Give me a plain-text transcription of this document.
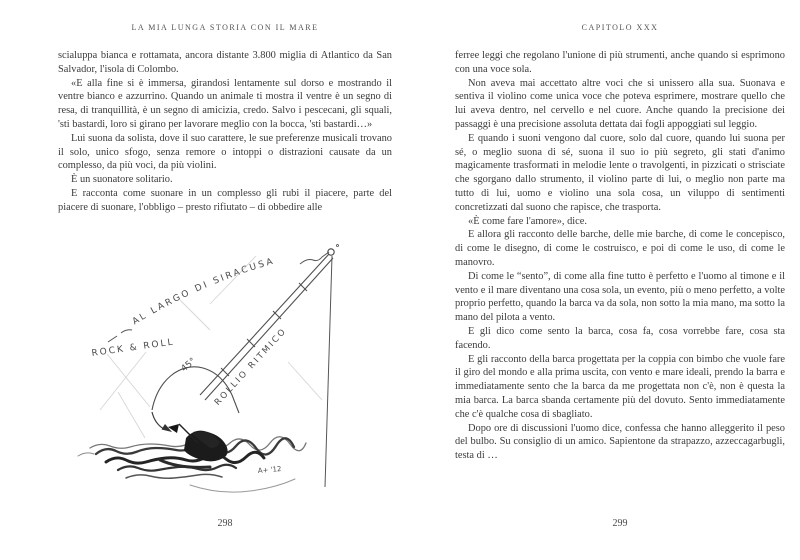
LA MIA LUNGA STORIA CON IL MARE

scialuppa bianca e rottamata, ancora distante 3.800 miglia di Atlantico da San Salvador, l'isola di Colombo.

«E alla fine si è immersa, girandosi lentamente sul dorso e mostrando il ventre bianco e azzurrino. Quando un animale ti mostra il ventre è un segno di resa, di tranquillità, è un segno di amicizia, credo. Salvo i pescecani, gli squali, 'sti bastardi, loro si girano per lavorare meglio con la bocca, 'sti bastardi…»

Lui suona da solista, dove il suo carattere, le sue preferenze musicali trovano il solo, unico sfogo, senza remore o intoppi o distrazioni causate da un complesso, da più voci, da più violini.

È un suonatore solitario.

E racconta come suonare in un complesso gli rubi il piacere, parte del piacere di suonare, l'obbligo – presto rifiutato – di obbedire alle

AL LARGO DI SIRACUSA
ROLLIO RITMICO
ROCK & ROLL
45°
A+ '12
298
CAPITOLO XXX

ferree leggi che regolano l'unione di più strumenti, anche quando si esprimono con una voce sola.

Non aveva mai accettato altre voci che si unissero alla sua. Suonava e sentiva il violino come unica voce che poteva esprimere, mostrare quello che lui aveva dentro, nel cervello e nel cuore. Anche quando la precisione dei passaggi è una precisione assoluta dettata dai fogli appoggiati sul leggio.

E quando i suoni vengono dal cuore, solo dal cuore, quando lui suona per sé, o meglio suona di sé, suona il suo io più segreto, gli stati d'animo magicamente trasformati in melodie lente o travolgenti, in pizzicati o strisciate che sgorgano dallo strumento, il violino parte di lui, o meglio non parte ma tutto di lui, uomo e violino una sola cosa, un viluppo di sentimenti concretizzati dal suono che rapisce, che trasporta.

«È come fare l'amore», dice.

E allora gli racconto delle barche, delle mie barche, di come le concepisco, di come le disegno, di come le costruisco, e poi di come le uso, di come le manovro.

Di come le “sento”, di come alla fine tutto è perfetto e l'uomo al timone e il vento e il mare diventano una cosa sola, un evento, più o meno perfetto, a volte proprio perfetto, quando la barca va da sola, non sotto la mia mano, ma sotto la mano del pilota a vento.

E gli dico come sento la barca, cosa fa, cosa vorrebbe fare, cosa sta facendo.

E gli racconto della barca progettata per la coppia con bimbo che vuole fare il giro del mondo e alla prima uscita, con vento e mare ideali, prendo la barra e immediatamente sento che la barca da me progettata non c'è, non è questa la mia barca. La barca sbanda certamente più del dovuto. Sento immediatamente che c'è qualche cosa di sbagliato.

Dopo ore di discussioni l'uomo dice, confessa che hanno alleggerito il peso del bulbo. Su consiglio di un amico. Sapientone da strapazzo, azzeccagarbugli, testa di …

299
